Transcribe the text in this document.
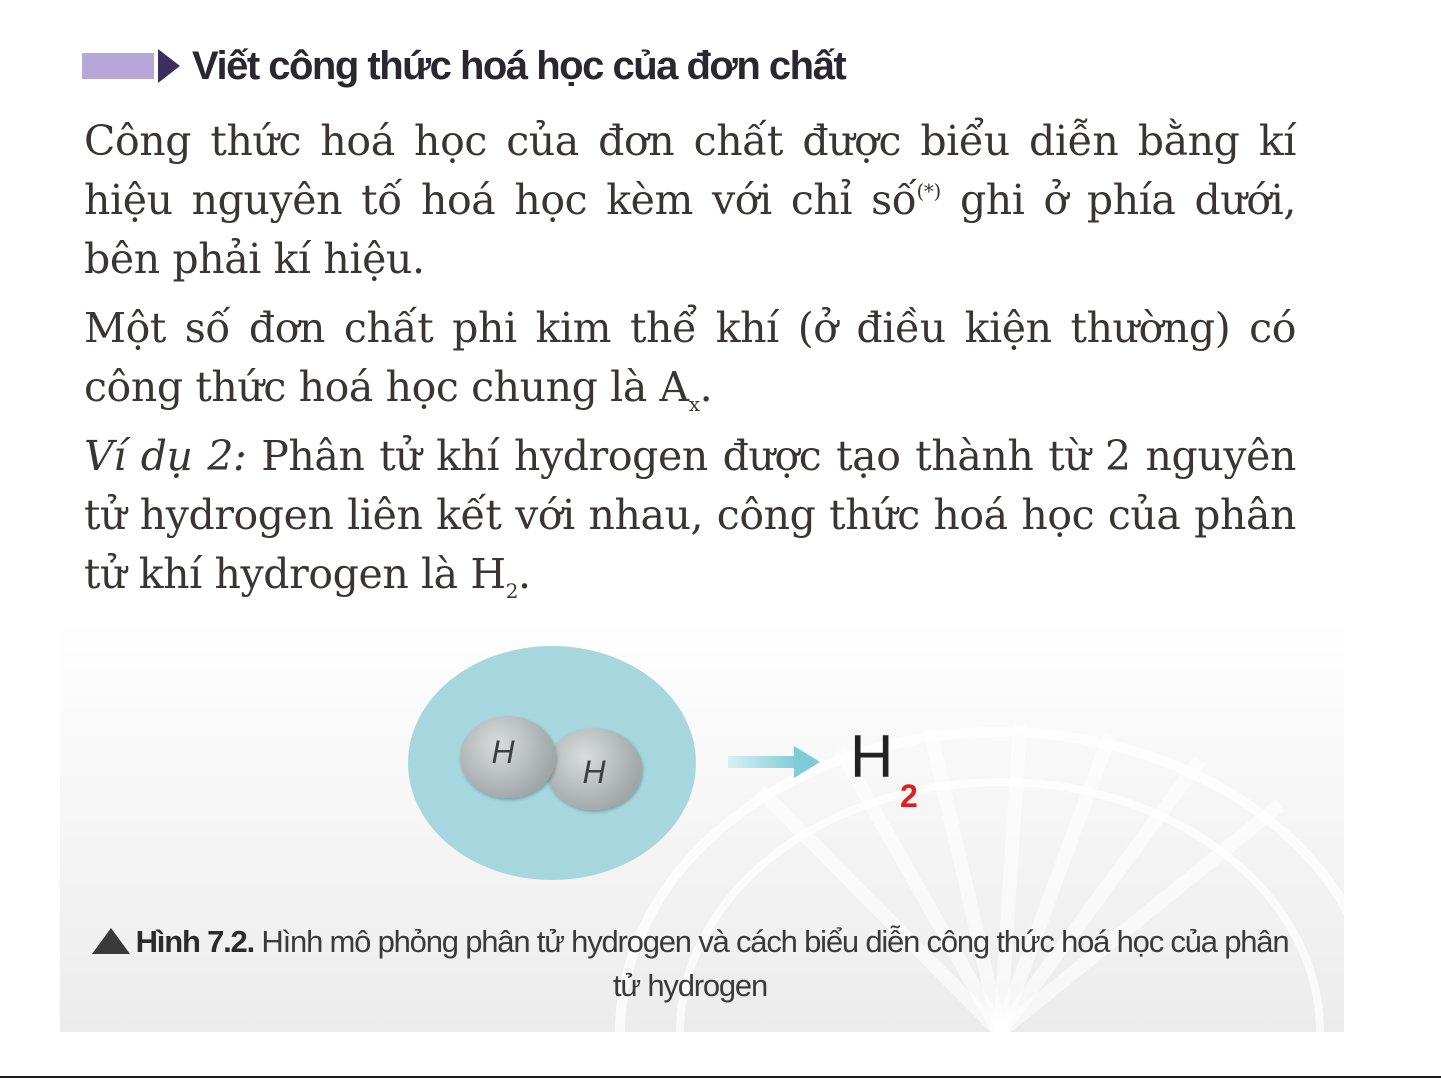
Viết công thức hoá học của đơn chất

Công thức hoá học của đơn chất được biểu diễn bằng kí hiệu nguyên tố hoá học kèm với chỉ số(*) ghi ở phía dưới, bên phải kí hiệu.

Một số đơn chất phi kim thể khí (ở điều kiện thường) có công thức hoá học chung là $A_x$.

Ví dụ 2: Phân tử khí hydrogen được tạo thành từ 2 nguyên tử hydrogen liên kết với nhau, công thức hoá học của phân tử khí hydrogen là $H_2$.

H
H	H
2
Hình 7.2. Hình mô phỏng phân tử hydrogen và cách biểu diễn công thức hoá học của phân tử hydrogen
